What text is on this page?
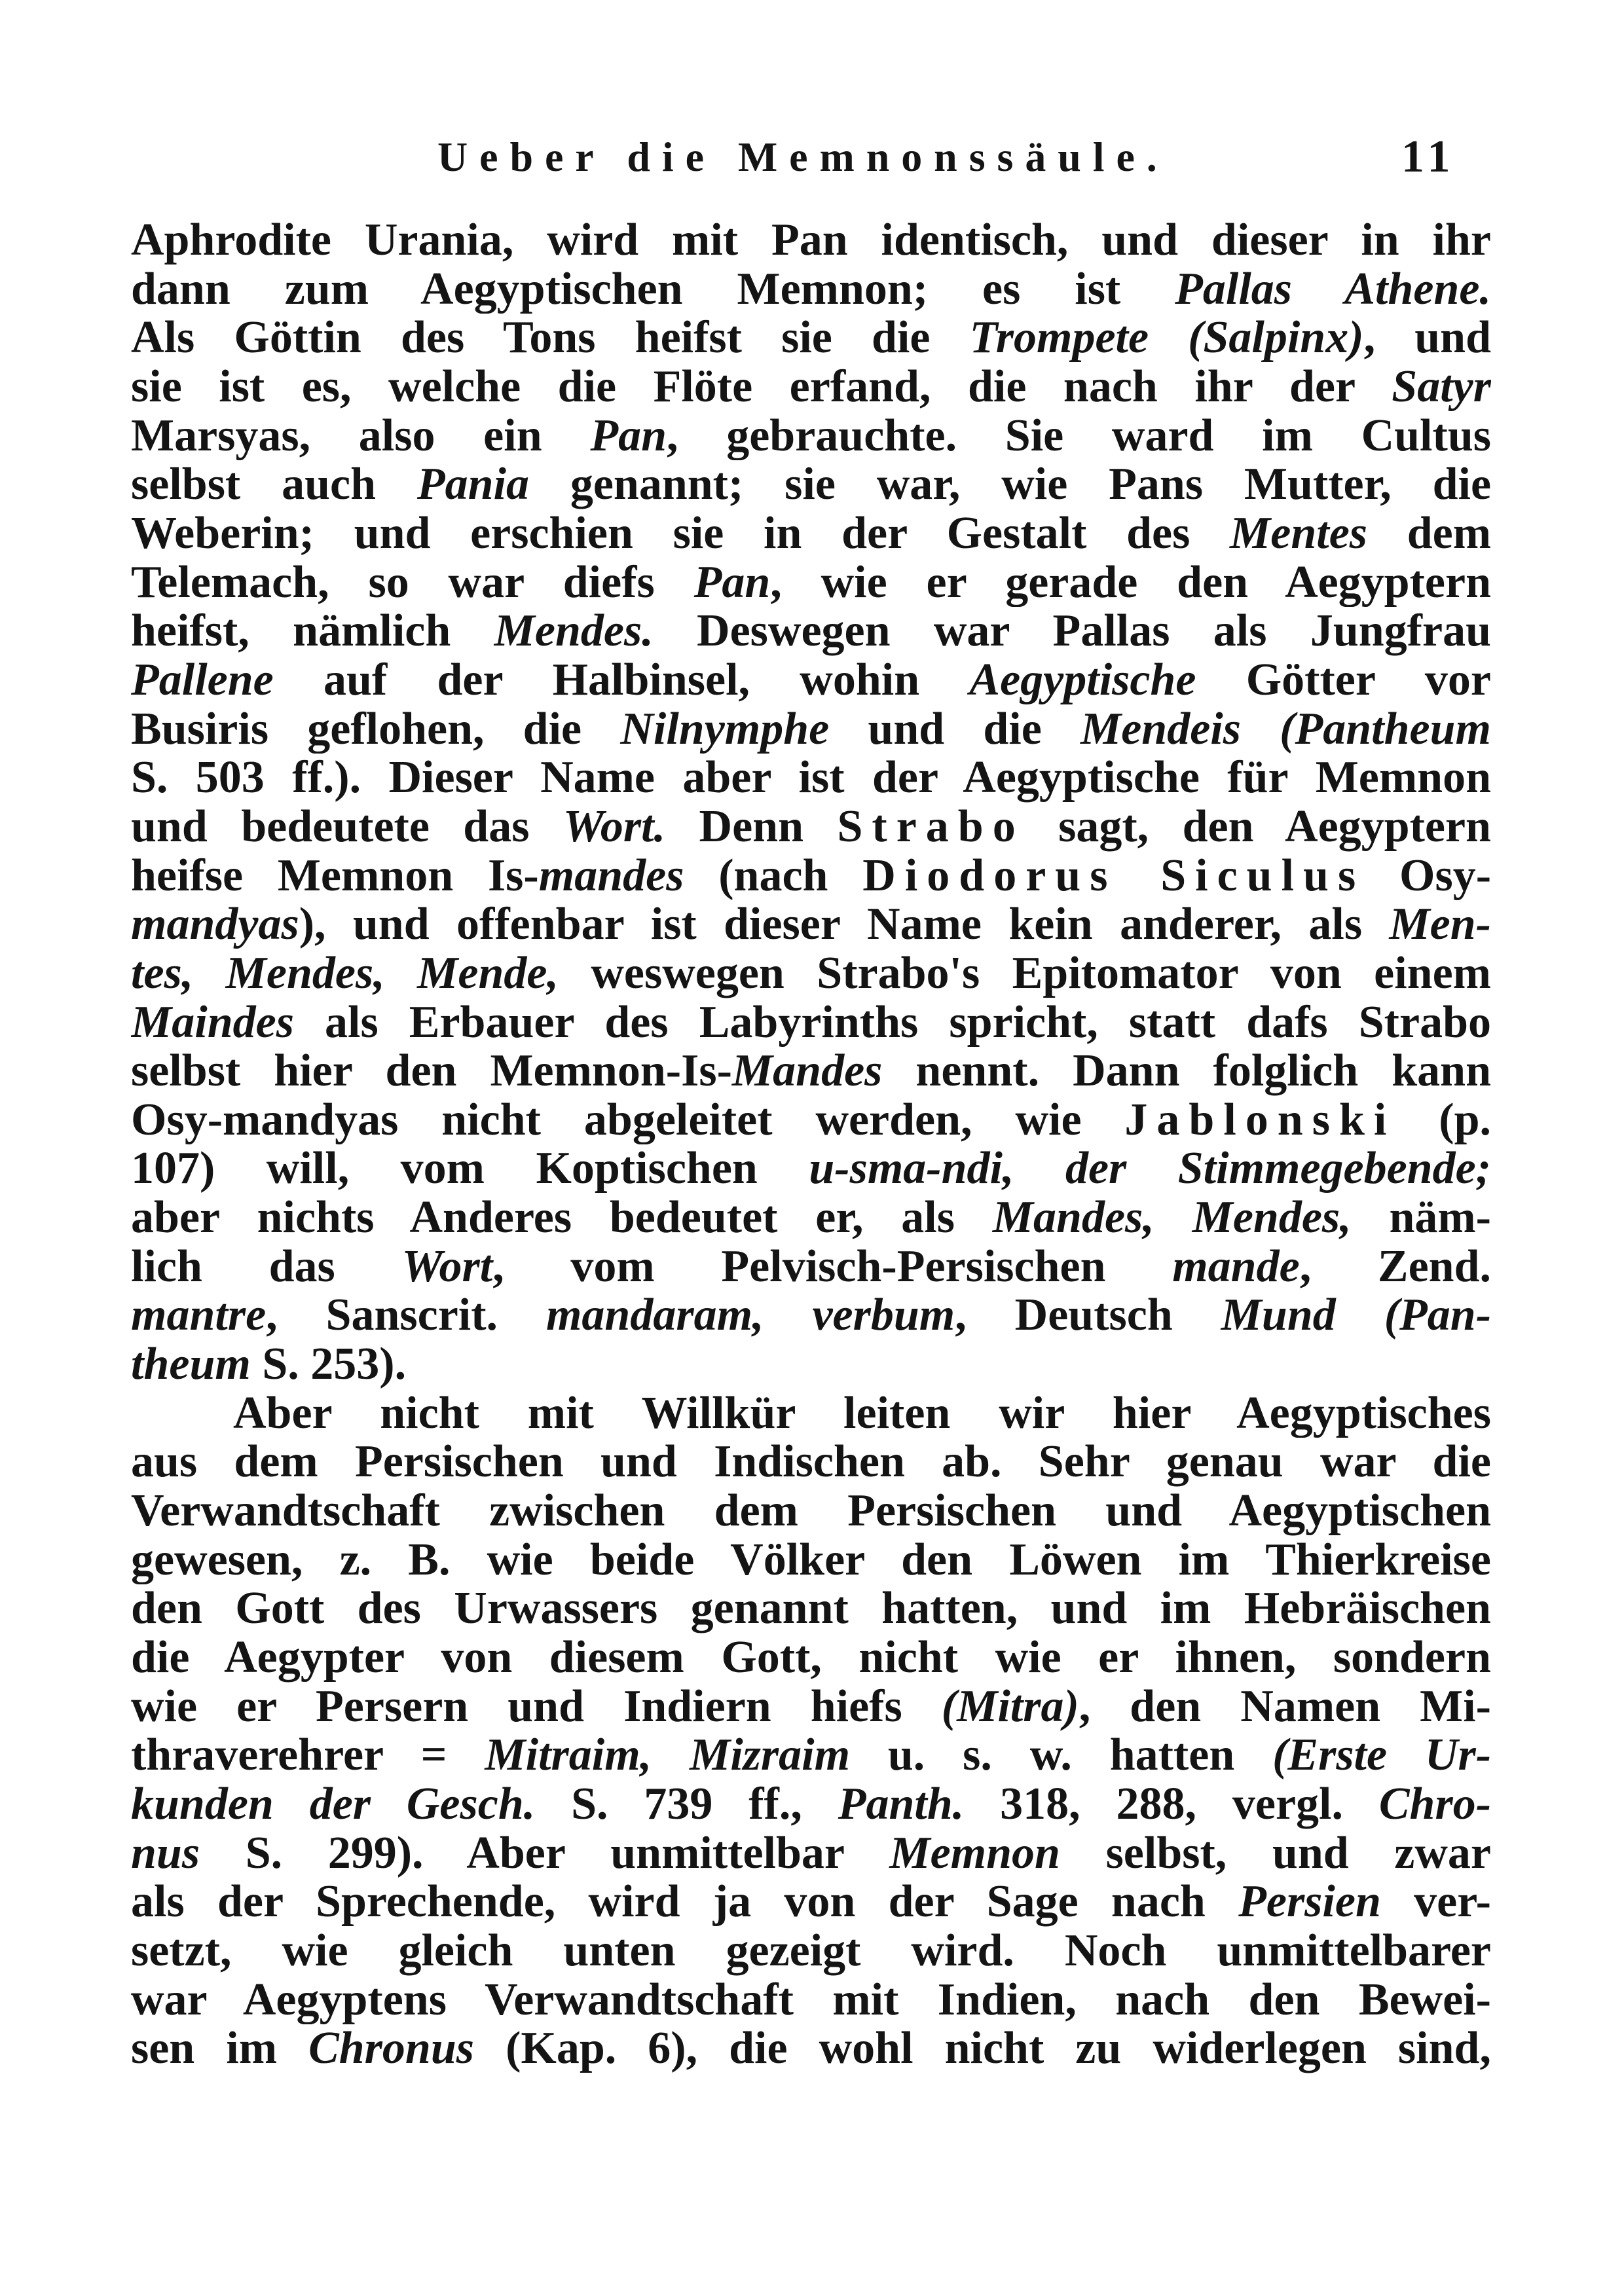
Ueber die Memnonssäule.	11
Aphrodite Urania, wird mit Pan identisch, und dieser in ihr
dann zum Aegyptischen Memnon; es ist Pallas Athene.
Als Göttin des Tons heifst sie die Trompete (Salpinx), und
sie ist es, welche die Flöte erfand, die nach ihr der Satyr
Marsyas, also ein Pan, gebrauchte. Sie ward im Cultus
selbst auch Pania genannt; sie war, wie Pans Mutter, die
Weberin; und erschien sie in der Gestalt des Mentes dem
Telemach, so war diefs Pan, wie er gerade den Aegyptern
heifst, nämlich Mendes. Deswegen war Pallas als Jungfrau
Pallene auf der Halbinsel, wohin Aegyptische Götter vor
Busiris geflohen, die Nilnymphe und die Mendeis (Pantheum
S. 503 ff.). Dieser Name aber ist der Aegyptische für Memnon
und bedeutete das Wort. Denn Strabo sagt, den Aegyptern
heifse Memnon Is-mandes (nach Diodorus Siculus Osy-
mandyas), und offenbar ist dieser Name kein anderer, als Men-
tes, Mendes, Mende, weswegen Strabo's Epitomator von einem
Maindes als Erbauer des Labyrinths spricht, statt dafs Strabo
selbst hier den Memnon-Is-Mandes nennt. Dann folglich kann
Osy-mandyas nicht abgeleitet werden, wie Jablonski (p.
107) will, vom Koptischen u-sma-ndi, der Stimmegebende;
aber nichts Anderes bedeutet er, als Mandes, Mendes, näm-
lich das Wort, vom Pelvisch-Persischen mande, Zend.
mantre, Sanscrit. mandaram, verbum, Deutsch Mund (Pan-
theum S. 253).
Aber nicht mit Willkür leiten wir hier Aegyptisches
aus dem Persischen und Indischen ab. Sehr genau war die
Verwandtschaft zwischen dem Persischen und Aegyptischen
gewesen, z. B. wie beide Völker den Löwen im Thierkreise
den Gott des Urwassers genannt hatten, und im Hebräischen
die Aegypter von diesem Gott, nicht wie er ihnen, sondern
wie er Persern und Indiern hiefs (Mitra), den Namen Mi-
thraverehrer = Mitraim, Mizraim u. s. w. hatten (Erste Ur-
kunden der Gesch. S. 739 ff., Panth. 318, 288, vergl. Chro-
nus S. 299). Aber unmittelbar Memnon selbst, und zwar
als der Sprechende, wird ja von der Sage nach Persien ver-
setzt, wie gleich unten gezeigt wird. Noch unmittelbarer
war Aegyptens Verwandtschaft mit Indien, nach den Bewei-
sen im Chronus (Kap. 6), die wohl nicht zu widerlegen sind,
